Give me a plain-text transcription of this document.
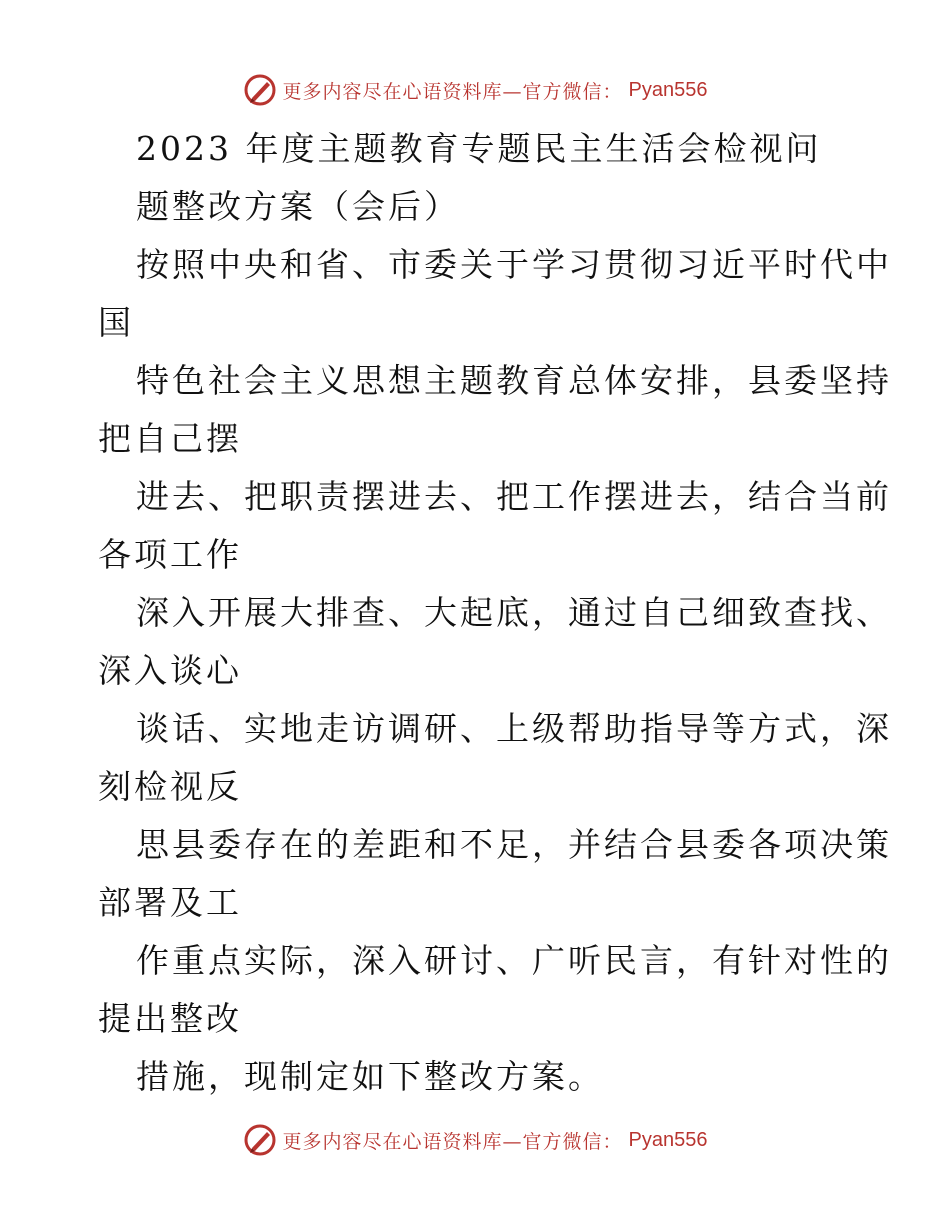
更多内容尽在心语资料库—官方微信： Pyan556
2023 年度主题教育专题民主生活会检视问
题整改方案（会后）
按照中央和省、市委关于学习贯彻习近平时代中
国
特色社会主义思想主题教育总体安排，县委坚持
把自己摆
进去、把职责摆进去、把工作摆进去，结合当前
各项工作
深入开展大排查、大起底，通过自己细致查找、
深入谈心
谈话、实地走访调研、上级帮助指导等方式，深
刻检视反
思县委存在的差距和不足，并结合县委各项决策
部署及工
作重点实际，深入研讨、广听民言，有针对性的
提出整改
措施，现制定如下整改方案。
更多内容尽在心语资料库—官方微信： Pyan556
